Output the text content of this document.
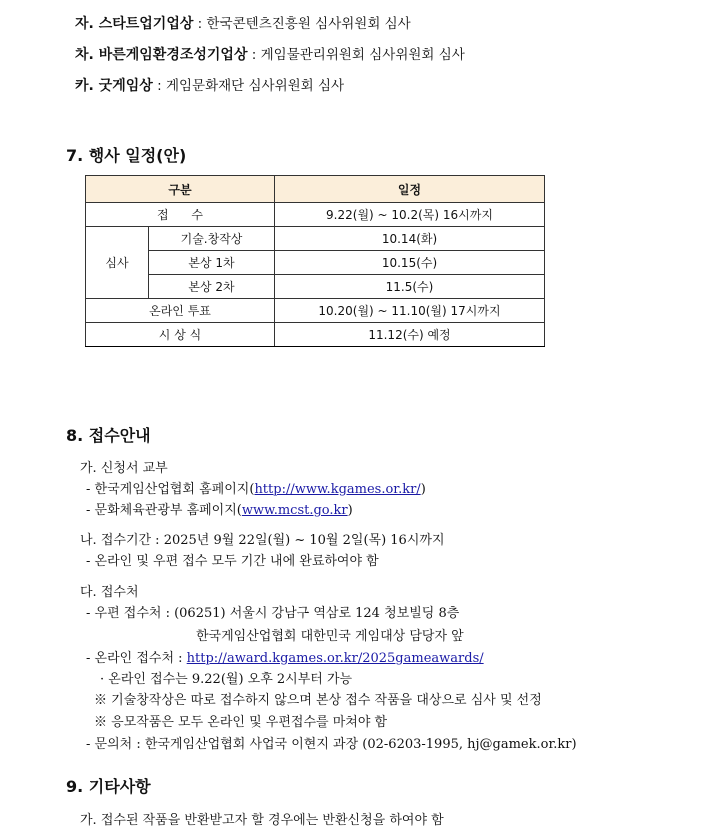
자. 스타트업기업상 : 한국콘텐츠진흥원 심사위원회 심사
차. 바른게임환경조성기업상 : 게임물관리위원회 심사위원회 심사
카. 굿게임상 : 게임문화재단 심사위원회 심사
7. 행사 일정(안)
구분		일정
접      수		9.22(월) ~ 10.2(목) 16시까지
심사	기술.창작상	10.14(화)
	본상 1차	10.15(수)
	본상 2차	11.5(수)
온라인 투표		10.20(월) ~ 11.10(월) 17시까지
시 상 식		11.12(수) 예정
8. 접수안내
가. 신청서 교부
- 한국게임산업협회 홈페이지(http://www.kgames.or.kr/)
- 문화체육관광부 홈페이지(www.mcst.go.kr)
나. 접수기간 : 2025년 9월 22일(월) ~ 10월 2일(목) 16시까지
- 온라인 및 우편 접수 모두 기간 내에 완료하여야 함
다. 접수처
- 우편 접수처 : (06251) 서울시 강남구 역삼로 124 청보빌딩 8층
한국게임산업협회 대한민국 게임대상 담당자 앞
- 온라인 접수처 : http://award.kgames.or.kr/2025gameawards/
· 온라인 접수는 9.22(월) 오후 2시부터 가능
※ 기술창작상은 따로 접수하지 않으며 본상 접수 작품을 대상으로 심사 및 선정
※ 응모작품은 모두 온라인 및 우편접수를 마쳐야 함
- 문의처 : 한국게임산업협회 사업국 이현지 과장 (02-6203-1995, hj@gamek.or.kr)
9. 기타사항
가. 접수된 작품을 반환받고자 할 경우에는 반환신청을 하여야 함
